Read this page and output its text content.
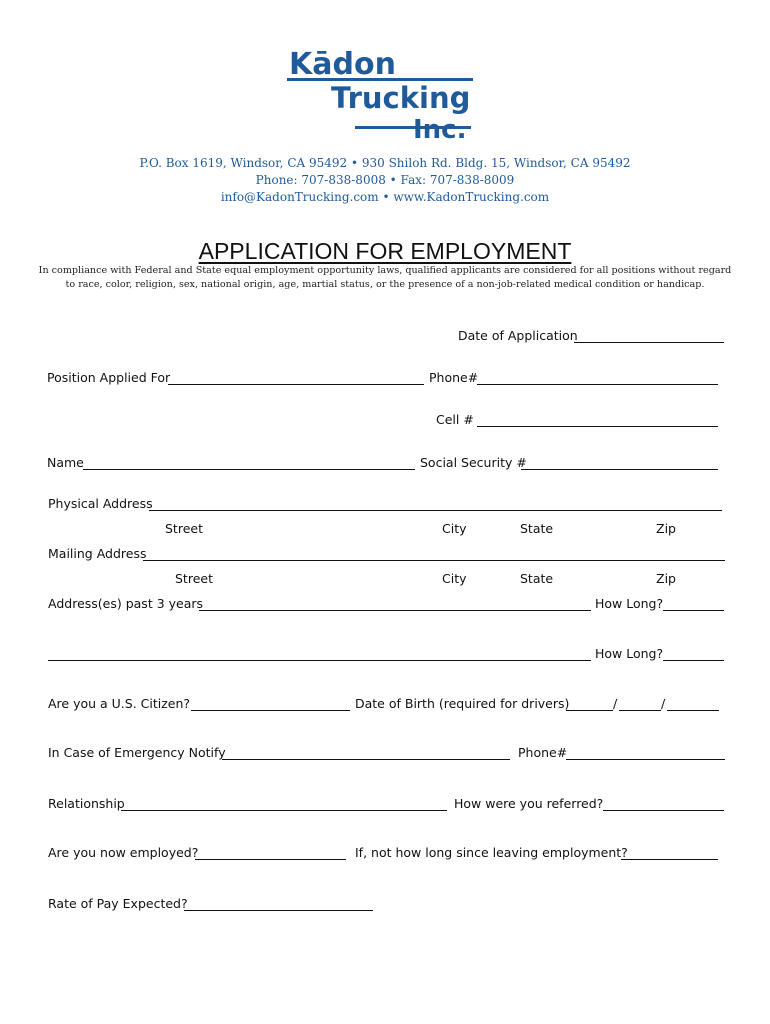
Kādon
Trucking
Inc.
P.O. Box 1619, Windsor, CA 95492 • 930 Shiloh Rd. Bldg. 15, Windsor, CA 95492
Phone: 707-838-8008 • Fax: 707-838-8009
info@KadonTrucking.com • www.KadonTrucking.com
APPLICATION FOR EMPLOYMENT
In compliance with Federal and State equal employment opportunity laws, qualified applicants are considered for all positions without regard
to race, color, religion, sex, national origin, age, martial status, or the presence of a non-job-related medical condition or handicap.
Date of Application
Position Applied For	Phone#
Cell #
Name	Social Security #
Physical Address
Street	City	State	Zip
Mailing Address
Street	City	State	Zip
Address(es) past 3 years	How Long?
How Long?
Are you a U.S. Citizen?	Date of Birth (required for drivers)	/	/
In Case of Emergency Notify	Phone#
Relationship	How were you referred?
Are you now employed?	If, not how long since leaving employment?
Rate of Pay Expected?
